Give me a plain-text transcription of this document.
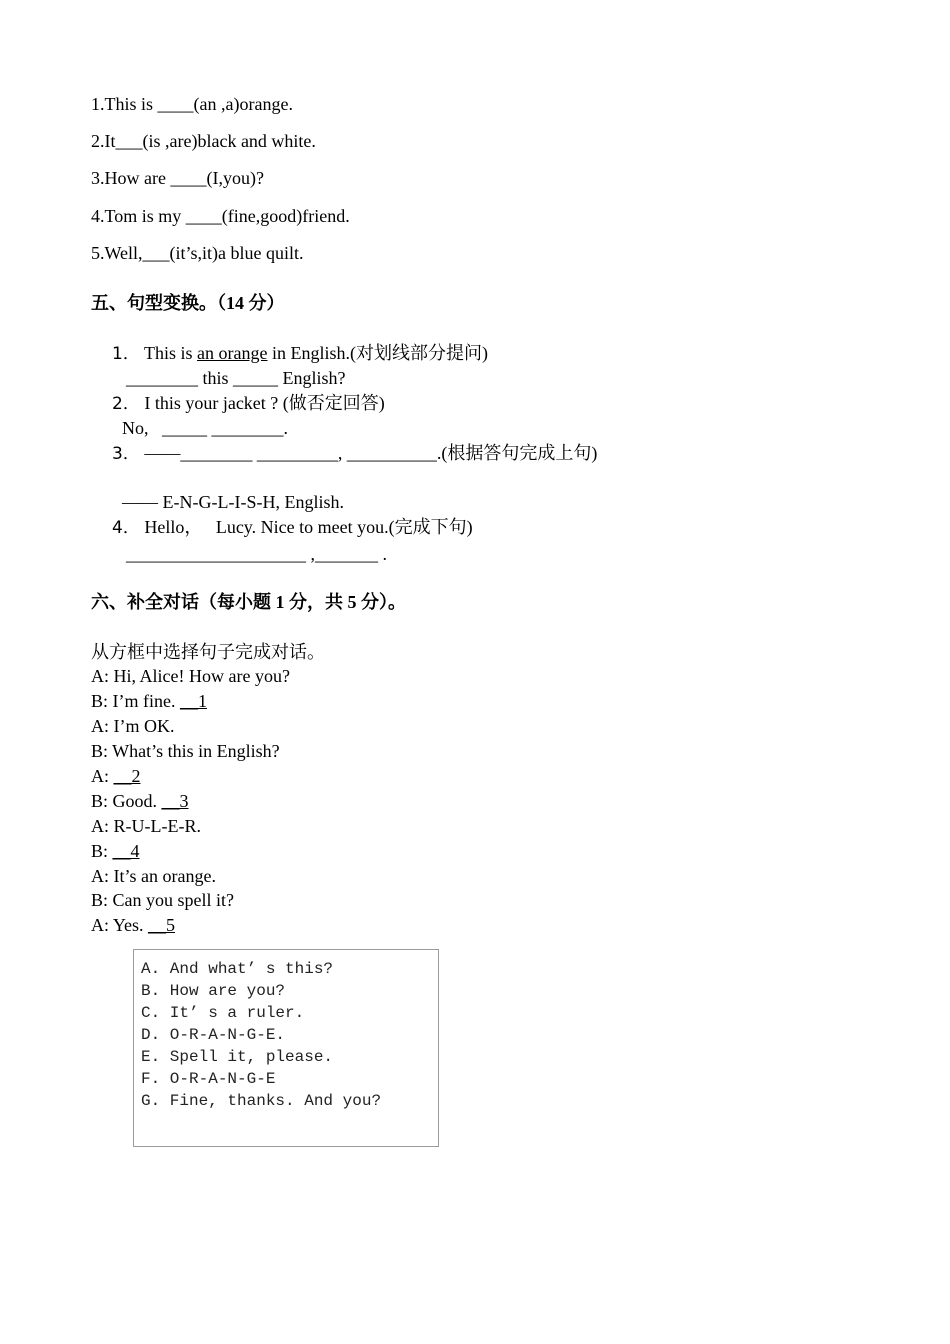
1.This is ____(an ,a)orange.
2.It___(is ,are)black and white.
3.How are ____(I,you)?
4.Tom is my ____(fine,good)friend.
5.Well,___(it’s,it)a blue quilt.
五、句型变换。（14 分）
1． This is an orange in English.(对划线部分提问)
________ this _____ English?
2． I this your jacket ? (做否定回答)
No,   _____ ________.
3． ——________ _________, __________.(根据答句完成上句)
—— E-N-G-L-I-S-H, English.
4． Hello，   Lucy. Nice to meet you.(完成下句)
____________________ ,_______ .
六、补全对话（每小题 1 分，共 5 分）。
从方框中选择句子完成对话。
A: Hi, Alice! How are you?
B: I’m fine. __1
A: I’m OK.
B: What’s this in English?
A: __2
B: Good. __3
A: R-U-L-E-R.
B: __4
A: It’s an orange.
B: Can you spell it?
A: Yes. __5
A. And what’ s this?
B. How are you?
C. It’ s a ruler.
D. O-R-A-N-G-E.
E. Spell it, please.
F. O-R-A-N-G-E
G. Fine, thanks. And you?
